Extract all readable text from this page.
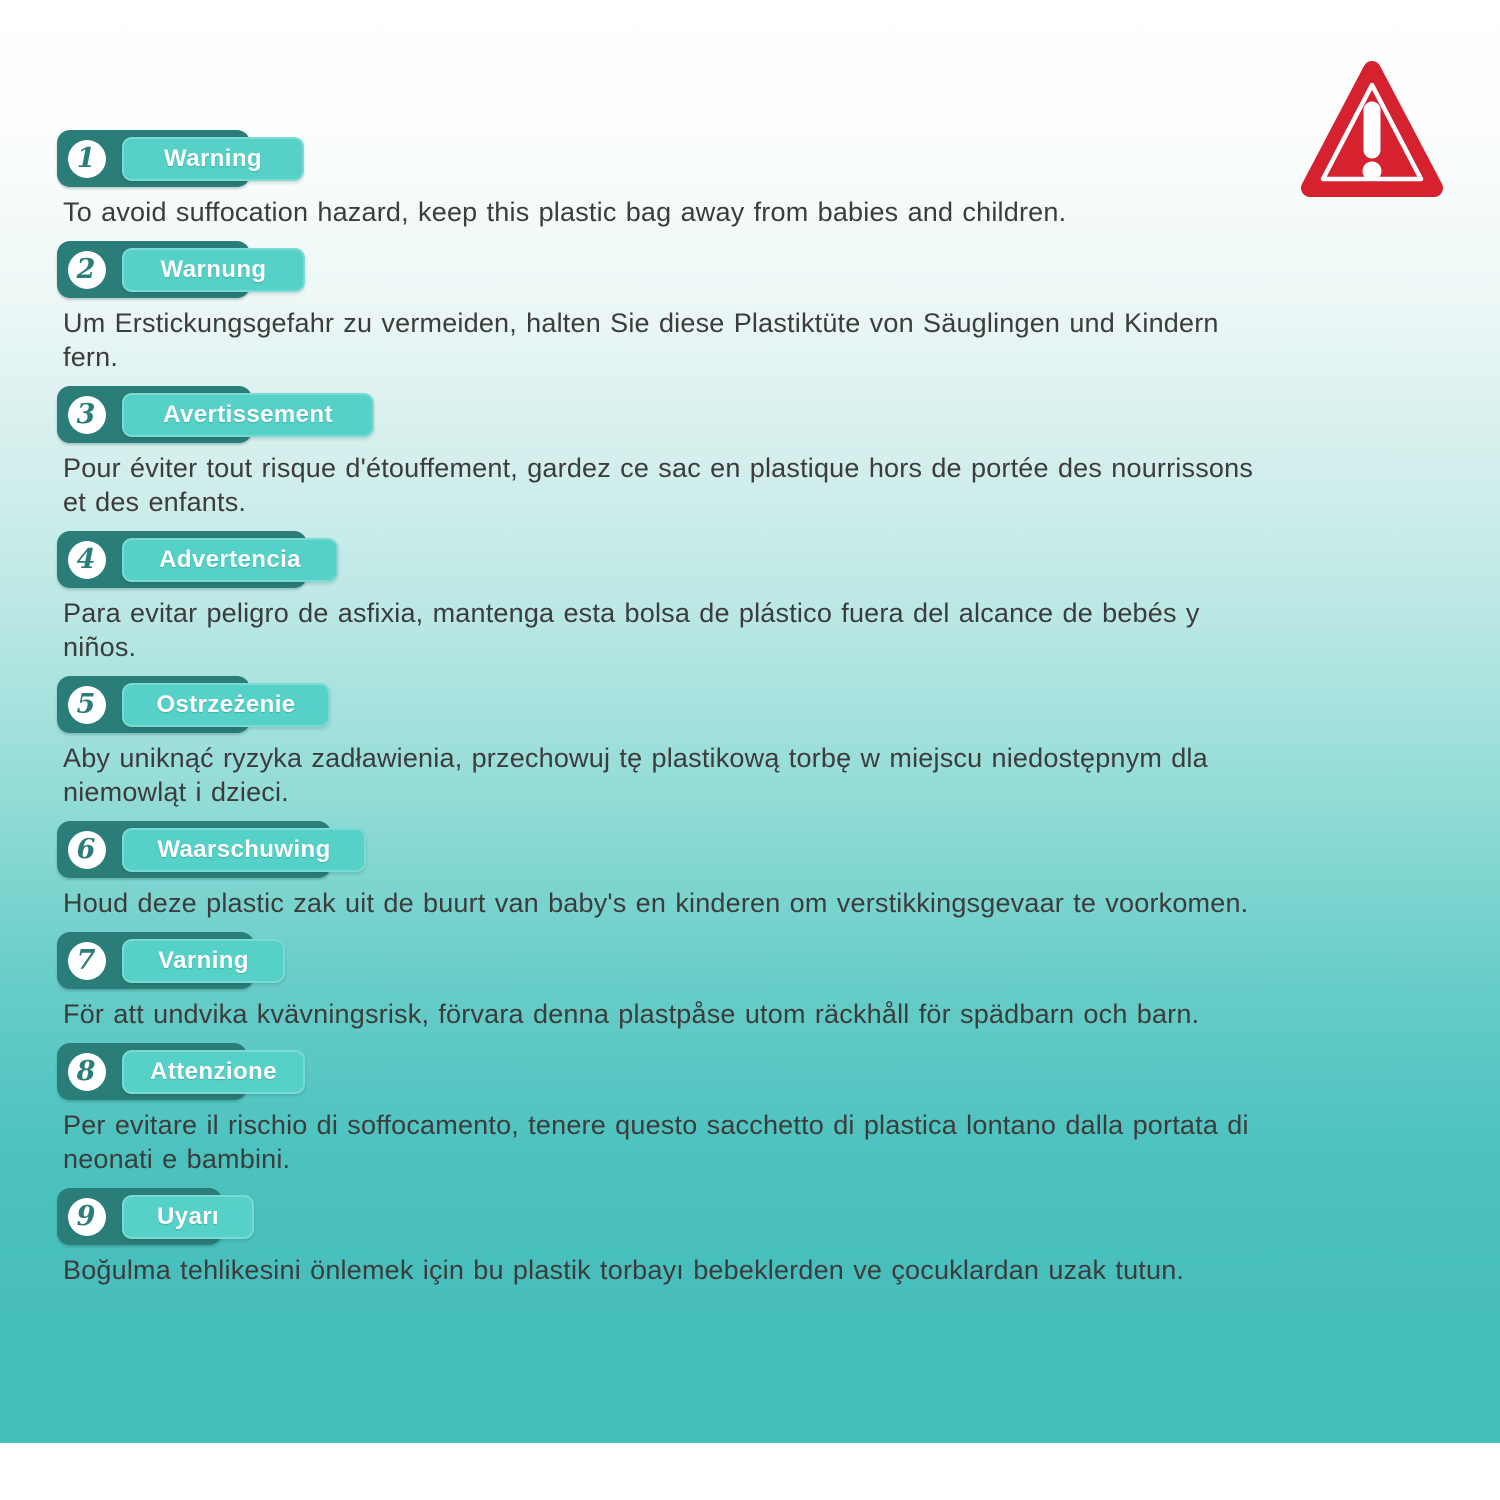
Warning
1

To avoid suffocation hazard, keep this plastic bag away from babies and children.

Warnung
2

Um Erstickungsgefahr zu vermeiden, halten Sie diese Plastiktüte von Säuglingen und Kindern fern.

Avertissement
3

Pour éviter tout risque d'étouffement, gardez ce sac en plastique hors de portée des nourrissons et des enfants.

Advertencia
4

Para evitar peligro de asfixia, mantenga esta bolsa de plástico fuera del alcance de bebés y niños.

Ostrzeżenie
5

Aby uniknąć ryzyka zadławienia, przechowuj tę plastikową torbę w miejscu niedostępnym dla niemowląt i dzieci.

Waarschuwing
6

Houd deze plastic zak uit de buurt van baby's en kinderen om verstikkingsgevaar te voorkomen.

Varning
7

För att undvika kvävningsrisk, förvara denna plastpåse utom räckhåll för spädbarn och barn.

Attenzione
8

Per evitare il rischio di soffocamento, tenere questo sacchetto di plastica lontano dalla portata di neonati e bambini.

Uyarı
9

Boğulma tehlikesini önlemek için bu plastik torbayı bebeklerden ve çocuklardan uzak tutun.
